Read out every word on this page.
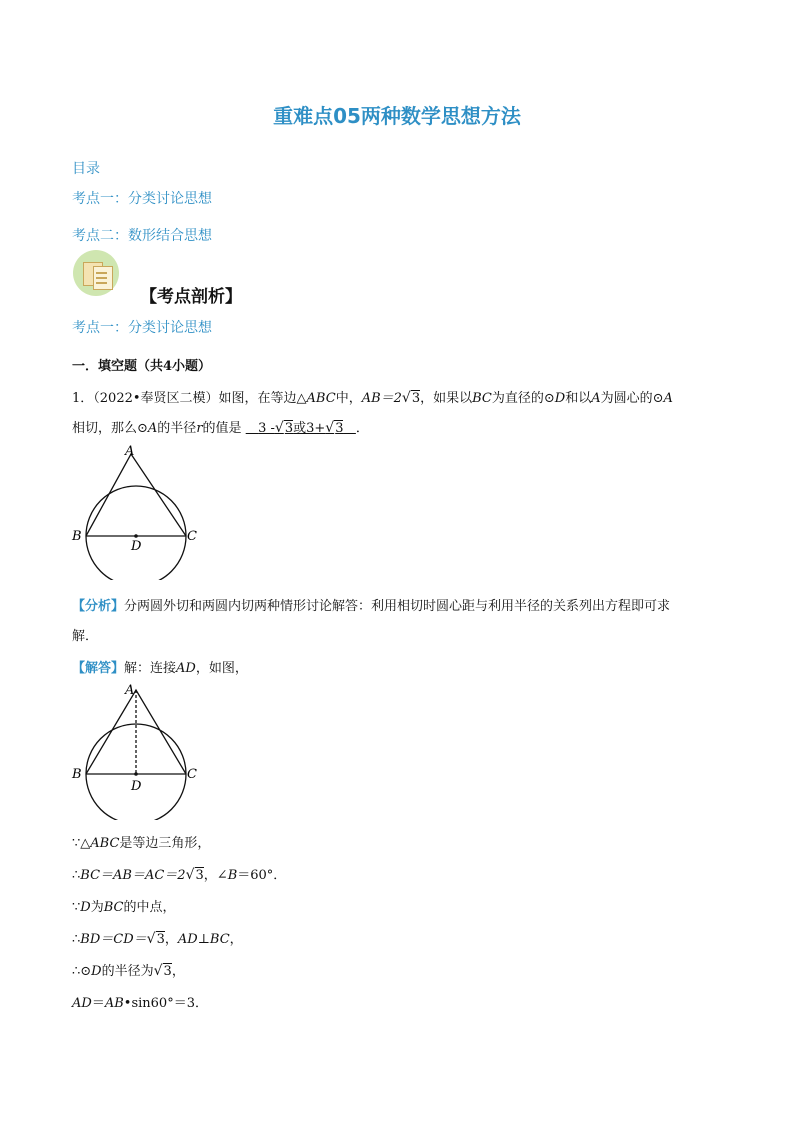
重难点05两种数学思想方法
目录
考点一：分类讨论思想
考点二：数形结合思想
【考点剖析】
考点一：分类讨论思想
一．填空题（共4小题）
1．（2022•奉贤区二模）如图，在等边△ABC中，AB＝2√3，如果以BC为直径的⊙D和以A为圆心的⊙A
相切，那么⊙A的半径r的值是 3 -√3或3+√3 ．
A
B	C
D
【分析】分两圆外切和两圆内切两种情形讨论解答：利用相切时圆心距与利用半径的关系列出方程即可求
解．
【解答】解：连接AD，如图，
A
B	C
D
∵△ABC是等边三角形，
∴BC＝AB＝AC＝2√3，∠B＝60°．
∵D为BC的中点，
∴BD＝CD＝√3，AD⊥BC，
∴⊙D的半径为√3，
AD＝AB•sin60°＝3．
